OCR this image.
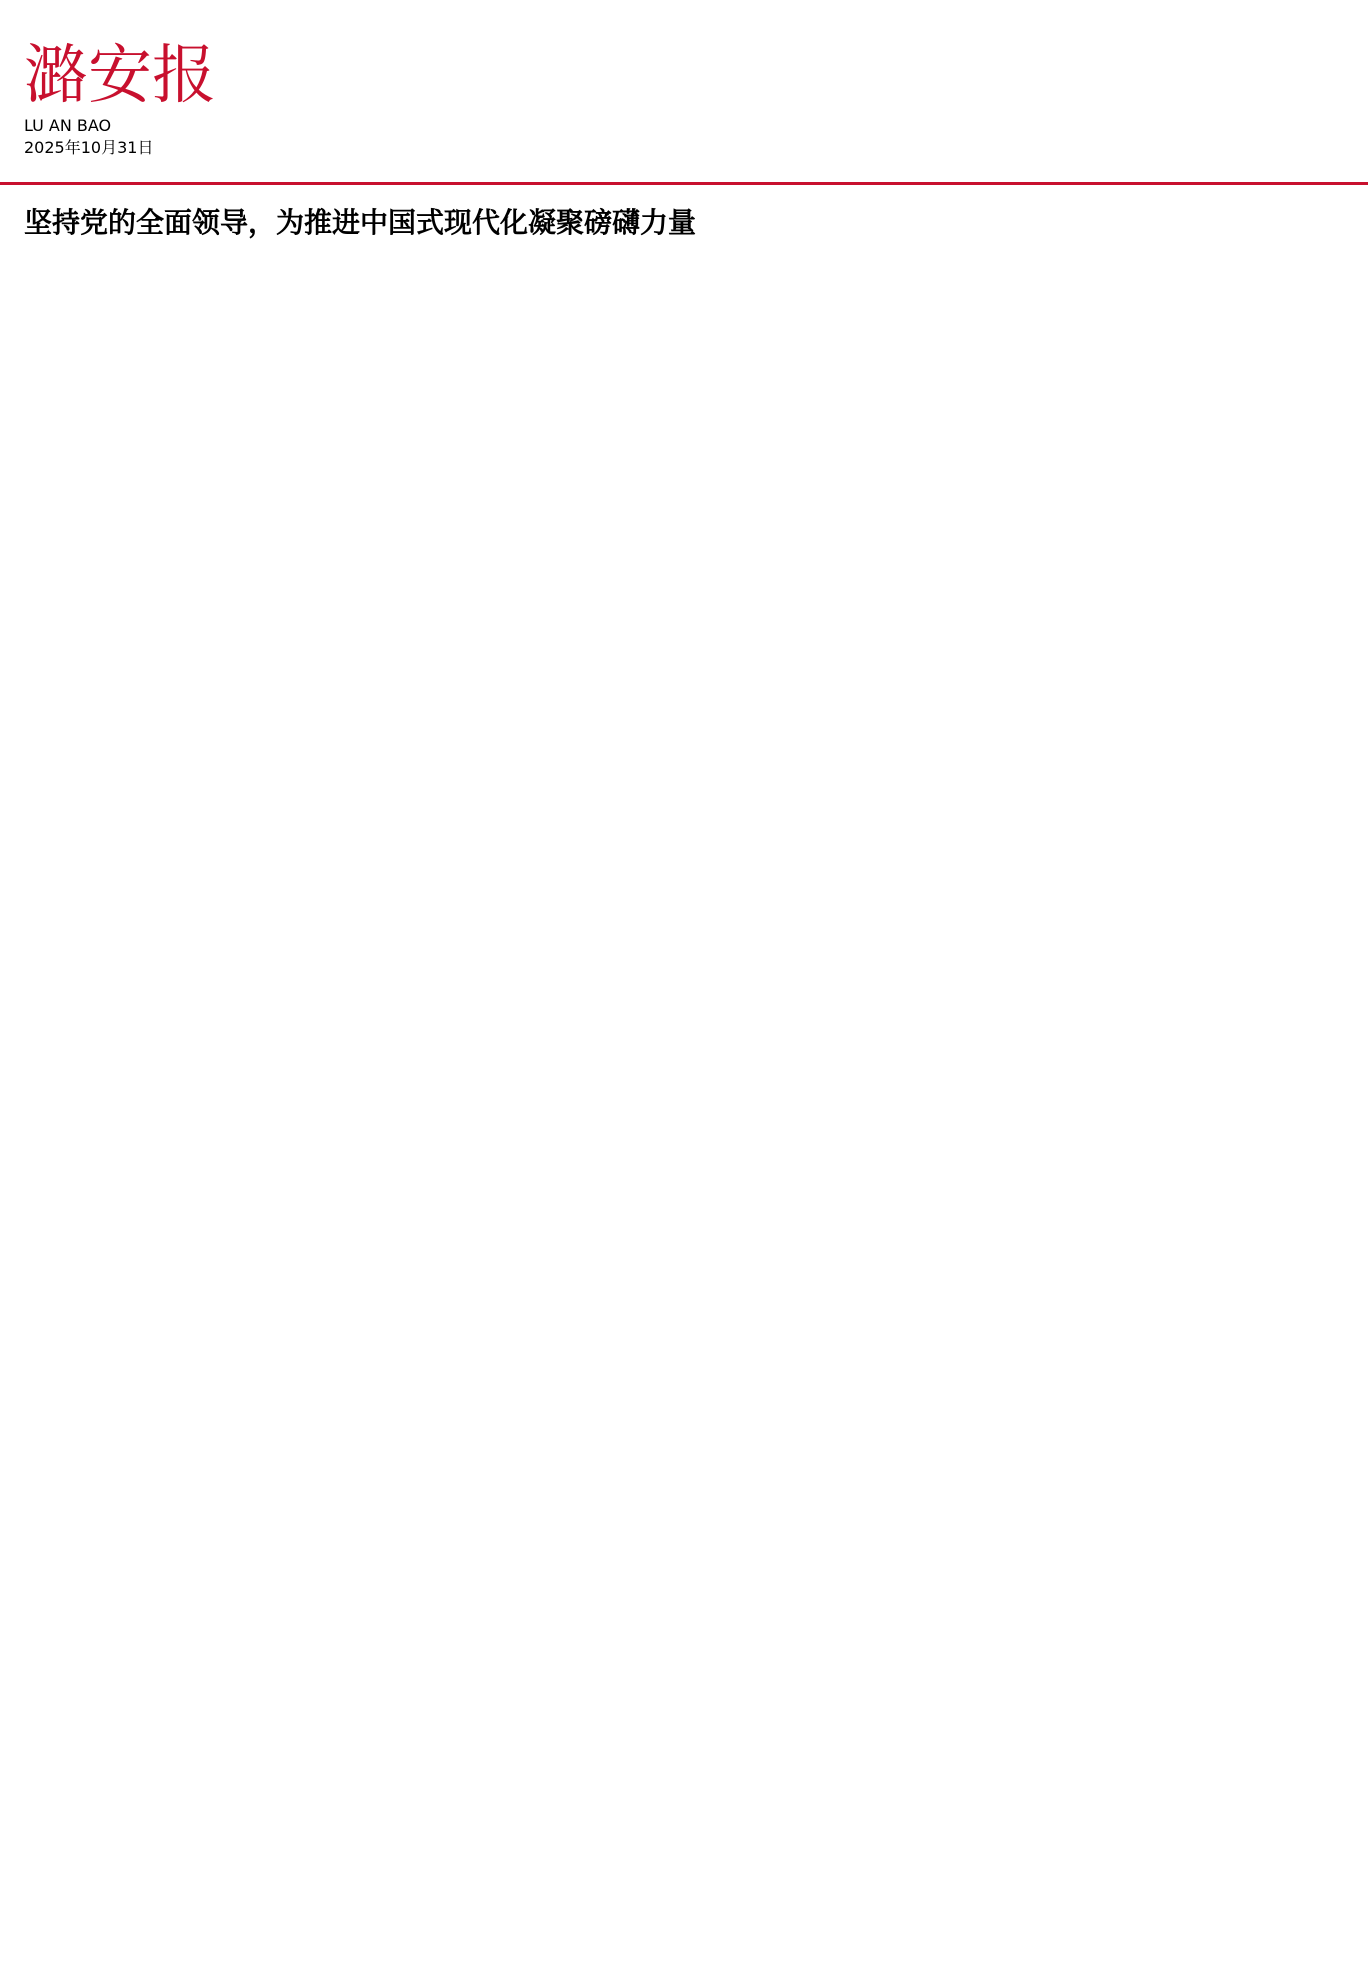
潞安报
LU AN BAO
2025年10月31日
坚持党的全面领导，为推进中国式现代化凝聚磅礴力量
